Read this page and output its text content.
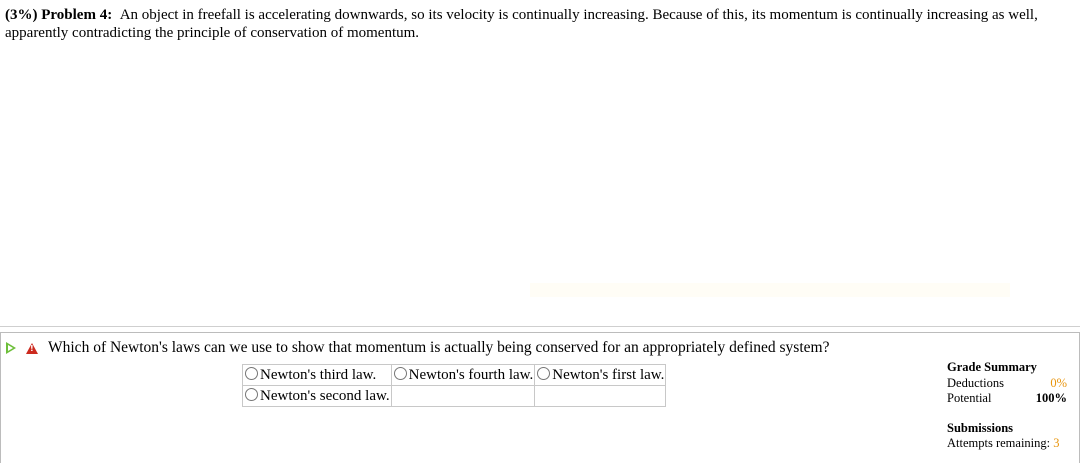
(3%) Problem 4: An object in freefall is accelerating downwards, so its velocity is continually increasing. Because of this, its momentum is continually increasing as well, apparently contradicting the principle of conservation of momentum.
! Which of Newton's laws can we use to show that momentum is actually being conserved for an appropriately defined system?
Newton's third law.	Newton's fourth law.	Newton's first law.
Newton's second law.		
Grade Summary
Deductions	0%
Potential	100%
Submissions
Attempts remaining: 3
